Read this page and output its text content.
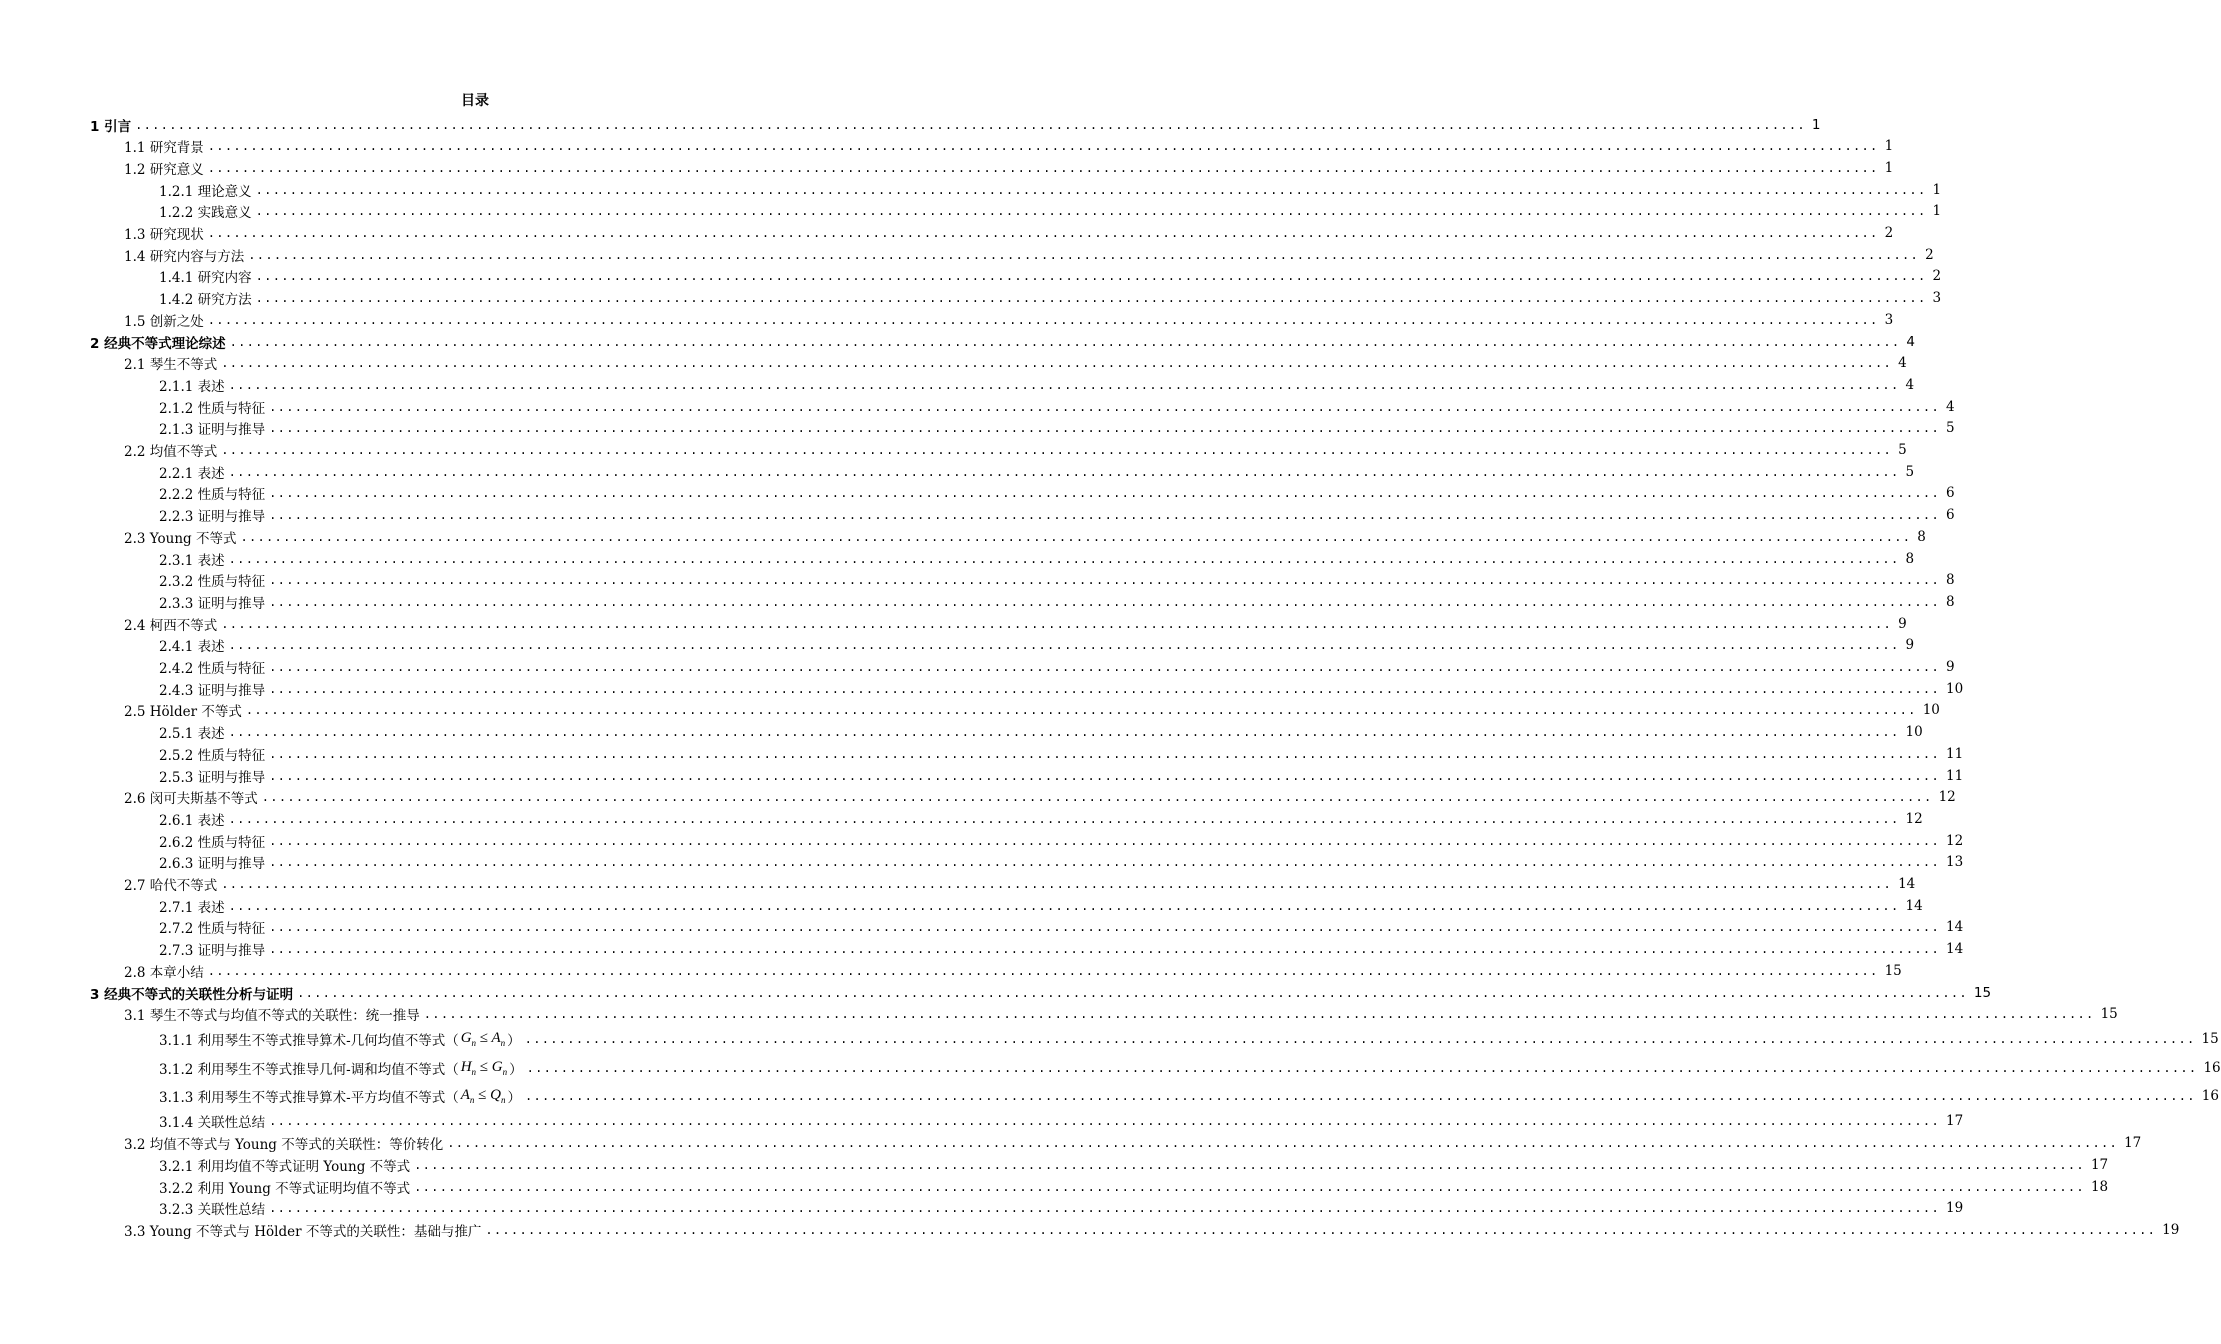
目录
1 引言 .................................................................................................................................................................................................... 1
1.1 研究背景 .................................................................................................................................................................................................... 1
1.2 研究意义 .................................................................................................................................................................................................... 1
1.2.1 理论意义 .................................................................................................................................................................................................... 1
1.2.2 实践意义 .................................................................................................................................................................................................... 1
1.3 研究现状 .................................................................................................................................................................................................... 2
1.4 研究内容与方法 .................................................................................................................................................................................................... 2
1.4.1 研究内容 .................................................................................................................................................................................................... 2
1.4.2 研究方法 .................................................................................................................................................................................................... 3
1.5 创新之处 .................................................................................................................................................................................................... 3
2 经典不等式理论综述 .................................................................................................................................................................................................... 4
2.1 琴生不等式 .................................................................................................................................................................................................... 4
2.1.1 表述 .................................................................................................................................................................................................... 4
2.1.2 性质与特征 .................................................................................................................................................................................................... 4
2.1.3 证明与推导 .................................................................................................................................................................................................... 5
2.2 均值不等式 .................................................................................................................................................................................................... 5
2.2.1 表述 .................................................................................................................................................................................................... 5
2.2.2 性质与特征 .................................................................................................................................................................................................... 6
2.2.3 证明与推导 .................................................................................................................................................................................................... 6
2.3 Young 不等式 .................................................................................................................................................................................................... 8
2.3.1 表述 .................................................................................................................................................................................................... 8
2.3.2 性质与特征 .................................................................................................................................................................................................... 8
2.3.3 证明与推导 .................................................................................................................................................................................................... 8
2.4 柯西不等式 .................................................................................................................................................................................................... 9
2.4.1 表述 .................................................................................................................................................................................................... 9
2.4.2 性质与特征 .................................................................................................................................................................................................... 9
2.4.3 证明与推导 .................................................................................................................................................................................................... 10
2.5 Hölder 不等式 .................................................................................................................................................................................................... 10
2.5.1 表述 .................................................................................................................................................................................................... 10
2.5.2 性质与特征 .................................................................................................................................................................................................... 11
2.5.3 证明与推导 .................................................................................................................................................................................................... 11
2.6 闵可夫斯基不等式 .................................................................................................................................................................................................... 12
2.6.1 表述 .................................................................................................................................................................................................... 12
2.6.2 性质与特征 .................................................................................................................................................................................................... 12
2.6.3 证明与推导 .................................................................................................................................................................................................... 13
2.7 哈代不等式 .................................................................................................................................................................................................... 14
2.7.1 表述 .................................................................................................................................................................................................... 14
2.7.2 性质与特征 .................................................................................................................................................................................................... 14
2.7.3 证明与推导 .................................................................................................................................................................................................... 14
2.8 本章小结 .................................................................................................................................................................................................... 15
3 经典不等式的关联性分析与证明 .................................................................................................................................................................................................... 15
3.1 琴生不等式与均值不等式的关联性：统一推导 .................................................................................................................................................................................................... 15
3.1.1 利用琴生不等式推导算术-几何均值不等式（ $G_n \le A_n$ ） .................................................................................................................................................................................................... 15
3.1.2 利用琴生不等式推导几何-调和均值不等式（ $H_n \le G_n$ ） .................................................................................................................................................................................................... 16
3.1.3 利用琴生不等式推导算术-平方均值不等式（ $A_n \le Q_n$ ） .................................................................................................................................................................................................... 16
3.1.4 关联性总结 .................................................................................................................................................................................................... 17
3.2 均值不等式与 Young 不等式的关联性：等价转化 .................................................................................................................................................................................................... 17
3.2.1 利用均值不等式证明 Young 不等式 .................................................................................................................................................................................................... 17
3.2.2 利用 Young 不等式证明均值不等式 .................................................................................................................................................................................................... 18
3.2.3 关联性总结 .................................................................................................................................................................................................... 19
3.3 Young 不等式与 Hölder 不等式的关联性：基础与推广 .................................................................................................................................................................................................... 19
